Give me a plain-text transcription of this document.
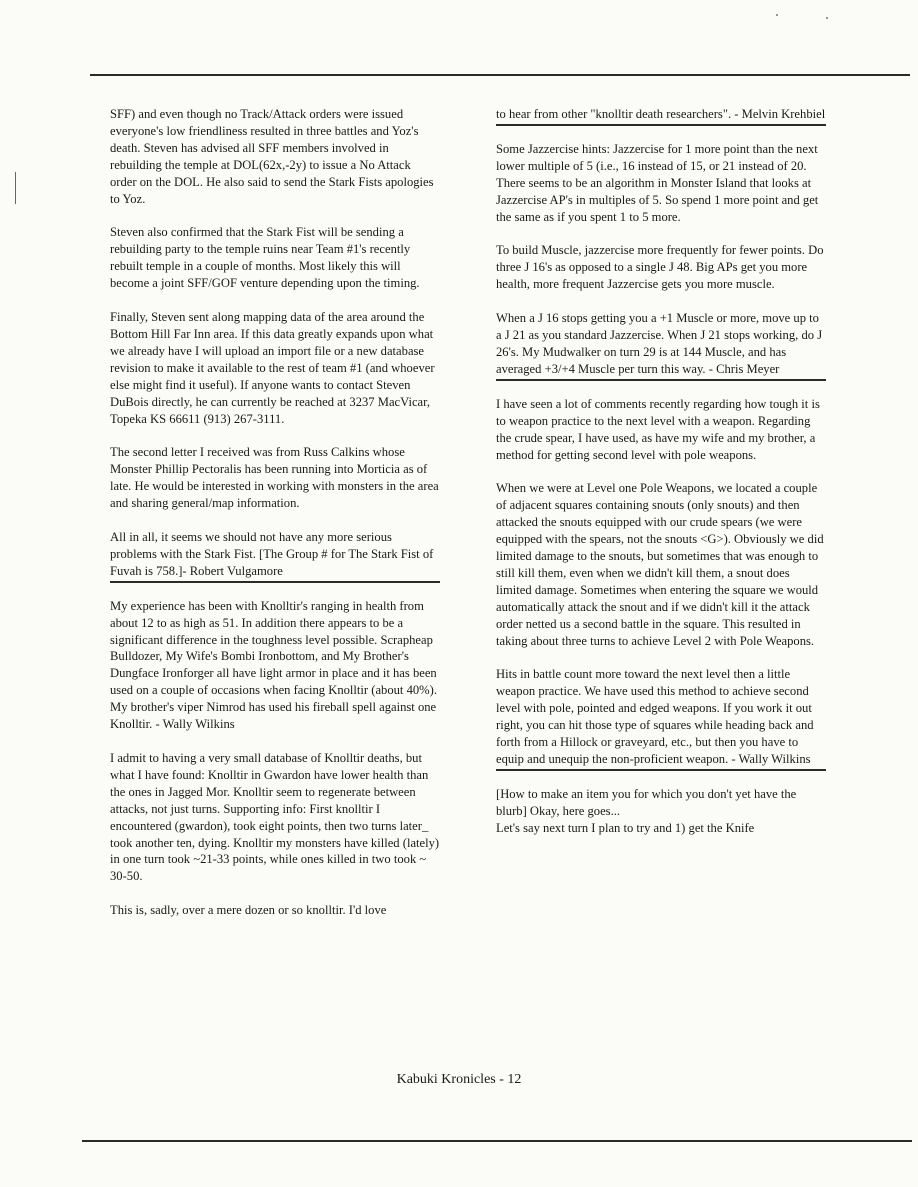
SFF) and even though no Track/Attack orders were issued everyone's low friendliness resulted in three battles and Yoz's death. Steven has advised all SFF members involved in rebuilding the temple at DOL(62x,-2y) to issue a No Attack order on the DOL. He also said to send the Stark Fists apologies to Yoz.

Steven also confirmed that the Stark Fist will be sending a rebuilding party to the temple ruins near Team #1's recently rebuilt temple in a couple of months. Most likely this will become a joint SFF/GOF venture depending upon the timing.

Finally, Steven sent along mapping data of the area around the Bottom Hill Far Inn area. If this data greatly expands upon what we already have I will upload an import file or a new database revision to make it available to the rest of team #1 (and whoever else might find it useful). If anyone wants to contact Steven DuBois directly, he can currently be reached at 3237 MacVicar, Topeka KS 66611 (913) 267-3111.

The second letter I received was from Russ Calkins whose Monster Phillip Pectoralis has been running into Morticia as of late. He would be interested in working with monsters in the area and sharing general/map information.

All in all, it seems we should not have any more serious problems with the Stark Fist. [The Group # for The Stark Fist of Fuvah is 758.]- Robert Vulgamore

My experience has been with Knolltir's ranging in health from about 12 to as high as 51. In addition there appears to be a significant difference in the toughness level possible. Scrapheap Bulldozer, My Wife's Bombi Ironbottom, and My Brother's Dungface Ironforger all have light armor in place and it has been used on a couple of occasions when facing Knolltir (about 40%). My brother's viper Nimrod has used his fireball spell against one Knolltir. - Wally Wilkins

I admit to having a very small database of Knolltir deaths, but what I have found: Knolltir in Gwardon have lower health than the ones in Jagged Mor. Knolltir seem to regenerate between attacks, not just turns. Supporting info: First knolltir I encountered (gwardon), took eight points, then two turns later_ took another ten, dying. Knolltir my monsters have killed (lately) in one turn took ~21-33 points, while ones killed in two took ~ 30-50.

This is, sadly, over a mere dozen or so knolltir. I'd love

to hear from other "knolltir death researchers". - Melvin Krehbiel

Some Jazzercise hints: Jazzercise for 1 more point than the next lower multiple of 5 (i.e., 16 instead of 15, or 21 instead of 20. There seems to be an algorithm in Monster Island that looks at Jazzercise AP's in multiples of 5. So spend 1 more point and get the same as if you spent 1 to 5 more.

To build Muscle, jazzercise more frequently for fewer points. Do three J 16's as opposed to a single J 48. Big APs get you more health, more frequent Jazzercise gets you more muscle.

When a J 16 stops getting you a +1 Muscle or more, move up to a J 21 as you standard Jazzercise. When J 21 stops working, do J 26's. My Mudwalker on turn 29 is at 144 Muscle, and has averaged +3/+4 Muscle per turn this way. - Chris Meyer

I have seen a lot of comments recently regarding how tough it is to weapon practice to the next level with a weapon. Regarding the crude spear, I have used, as have my wife and my brother, a method for getting second level with pole weapons.

When we were at Level one Pole Weapons, we located a couple of adjacent squares containing snouts (only snouts) and then attacked the snouts equipped with our crude spears (we were equipped with the spears, not the snouts <G>). Obviously we did limited damage to the snouts, but sometimes that was enough to still kill them, even when we didn't kill them, a snout does limited damage. Sometimes when entering the square we would automatically attack the snout and if we didn't kill it the attack order netted us a second battle in the square. This resulted in taking about three turns to achieve Level 2 with Pole Weapons.

Hits in battle count more toward the next level then a little weapon practice. We have used this method to achieve second level with pole, pointed and edged weapons. If you work it out right, you can hit those type of squares while heading back and forth from a Hillock or graveyard, etc., but then you have to equip and unequip the non-proficient weapon. - Wally Wilkins

[How to make an item you for which you don't yet have the blurb] Okay, here goes...
Let's say next turn I plan to try and 1) get the Knife

Kabuki Kronicles - 12
